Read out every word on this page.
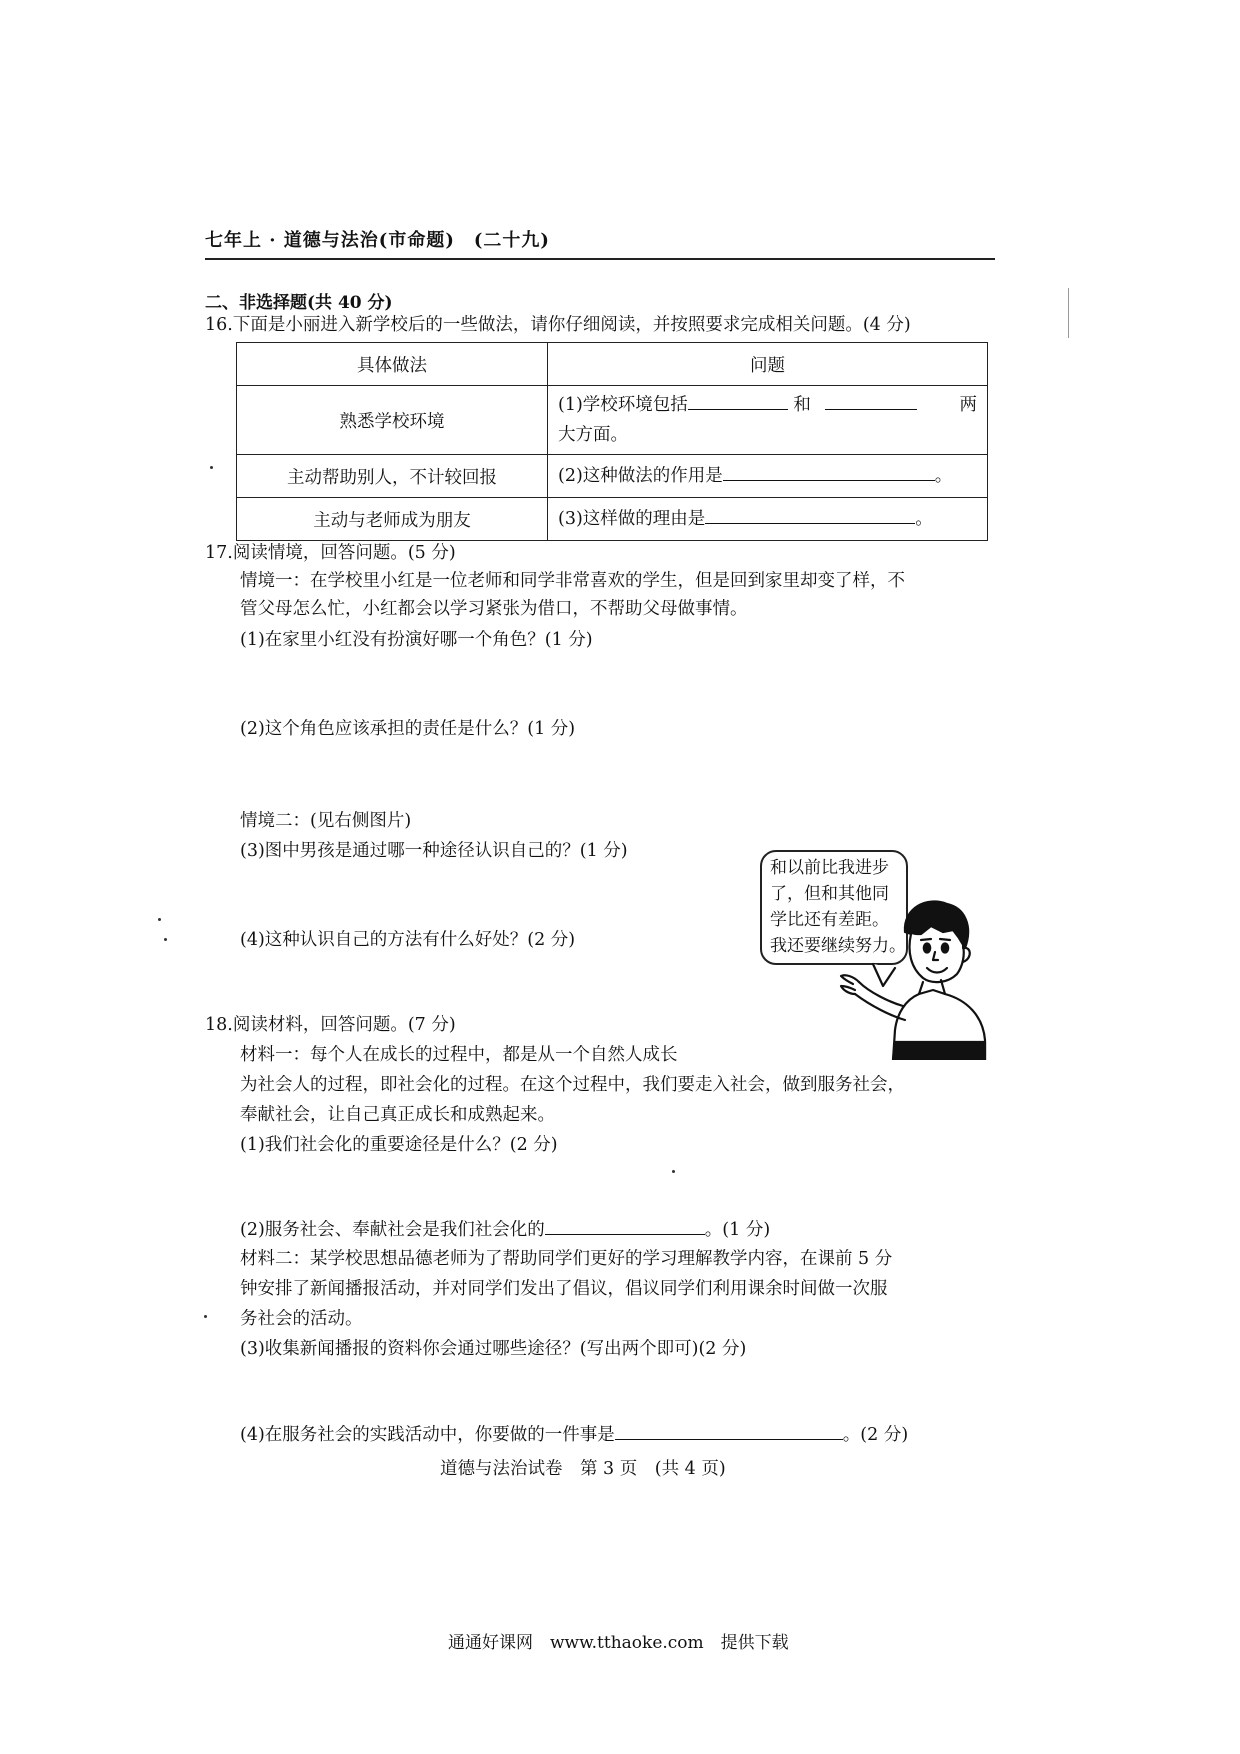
七年上 · 道德与法治(市命题)　(二十九)
二、非选择题(共 40 分)
16.下面是小丽进入新学校后的一些做法，请你仔细阅读，并按照要求完成相关问题。(4 分)
具体做法	问题
熟悉学校环境	(1)学校环境包括 和 两
大方面。

主动帮助别人，不计较回报	(2)这种做法的作用是 。
主动与老师成为朋友	(3)这样做的理由是 。
17.阅读情境，回答问题。(5 分)
情境一：在学校里小红是一位老师和同学非常喜欢的学生，但是回到家里却变了样，不
管父母怎么忙，小红都会以学习紧张为借口，不帮助父母做事情。
(1)在家里小红没有扮演好哪一个角色？(1 分)
(2)这个角色应该承担的责任是什么？(1 分)
情境二：(见右侧图片)
(3)图中男孩是通过哪一种途径认识自己的？(1 分)
(4)这种认识自己的方法有什么好处？(2 分)
和以前比我进步
了，但和其他同
学比还有差距。
我还要继续努力。
18.阅读材料，回答问题。(7 分)
材料一：每个人在成长的过程中，都是从一个自然人成长
为社会人的过程，即社会化的过程。在这个过程中，我们要走入社会，做到服务社会，
奉献社会，让自己真正成长和成熟起来。
(1)我们社会化的重要途径是什么？(2 分)
(2)服务社会、奉献社会是我们社会化的	。(1 分)
材料二：某学校思想品德老师为了帮助同学们更好的学习理解教学内容，在课前 5 分
钟安排了新闻播报活动，并对同学们发出了倡议，倡议同学们利用课余时间做一次服
务社会的活动。
(3)收集新闻播报的资料你会通过哪些途径？(写出两个即可)(2 分)
(4)在服务社会的实践活动中，你要做的一件事是	。(2 分)
道德与法治试卷　第 3 页　(共 4 页)
通通好课网　www.tthaoke.com　提供下载
